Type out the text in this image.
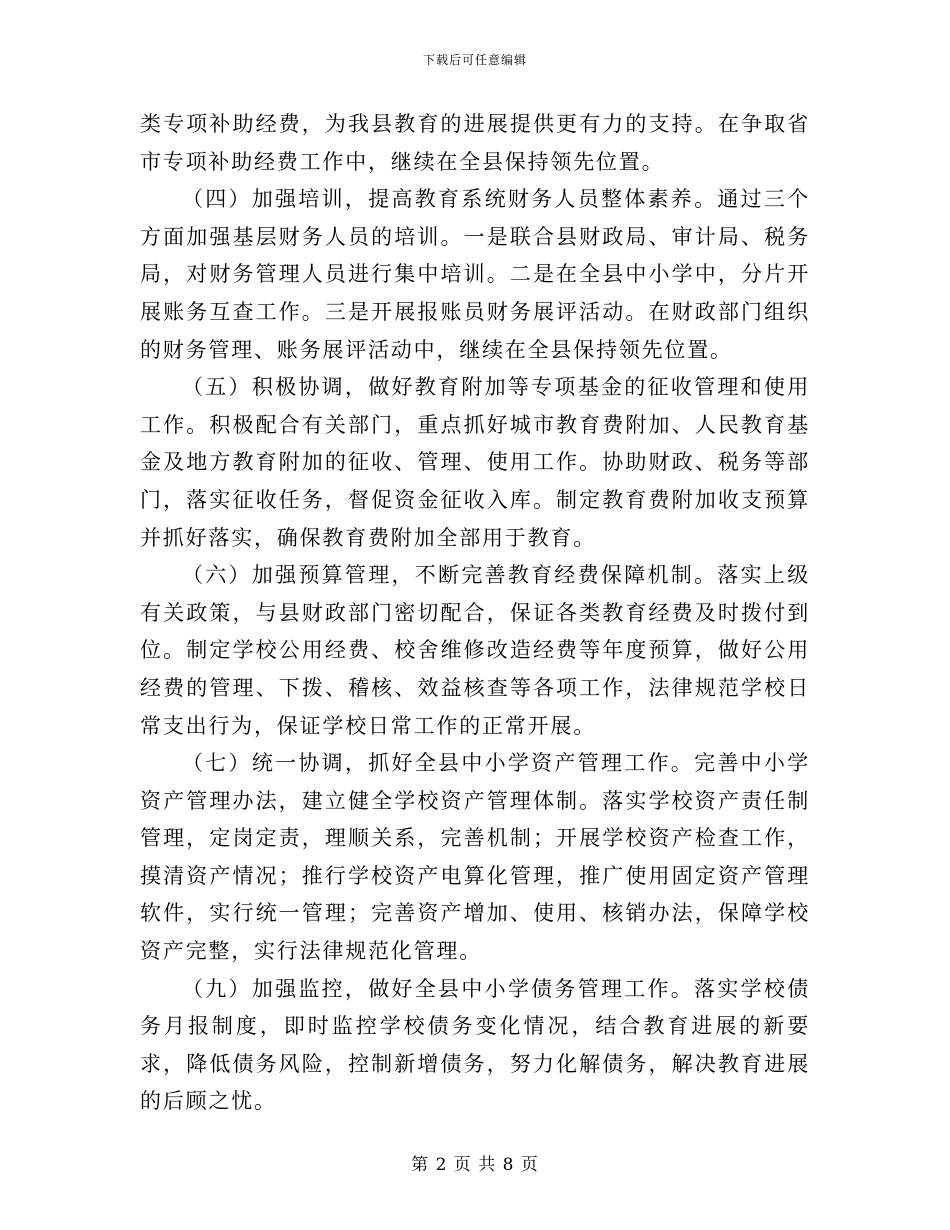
下载后可任意编辑

类专项补助经费，为我县教育的进展提供更有力的支持。在争取省市专项补助经费工作中，继续在全县保持领先位置。

（四）加强培训，提高教育系统财务人员整体素养。通过三个方面加强基层财务人员的培训。一是联合县财政局、审计局、税务局，对财务管理人员进行集中培训。二是在全县中小学中，分片开展账务互查工作。三是开展报账员财务展评活动。在财政部门组织的财务管理、账务展评活动中，继续在全县保持领先位置。

（五）积极协调，做好教育附加等专项基金的征收管理和使用工作。积极配合有关部门，重点抓好城市教育费附加、人民教育基金及地方教育附加的征收、管理、使用工作。协助财政、税务等部门，落实征收任务，督促资金征收入库。制定教育费附加收支预算并抓好落实，确保教育费附加全部用于教育。

（六）加强预算管理，不断完善教育经费保障机制。落实上级有关政策，与县财政部门密切配合，保证各类教育经费及时拨付到位。制定学校公用经费、校舍维修改造经费等年度预算，做好公用经费的管理、下拨、稽核、效益核查等各项工作，法律规范学校日常支出行为，保证学校日常工作的正常开展。

（七）统一协调，抓好全县中小学资产管理工作。完善中小学资产管理办法，建立健全学校资产管理体制。落实学校资产责任制管理，定岗定责，理顺关系，完善机制；开展学校资产检查工作，摸清资产情况；推行学校资产电算化管理，推广使用固定资产管理软件，实行统一管理；完善资产增加、使用、核销办法，保障学校资产完整，实行法律规范化管理。

（九）加强监控，做好全县中小学债务管理工作。落实学校债务月报制度，即时监控学校债务变化情况，结合教育进展的新要求，降低债务风险，控制新增债务，努力化解债务，解决教育进展的后顾之忧。

第 2 页 共 8 页
